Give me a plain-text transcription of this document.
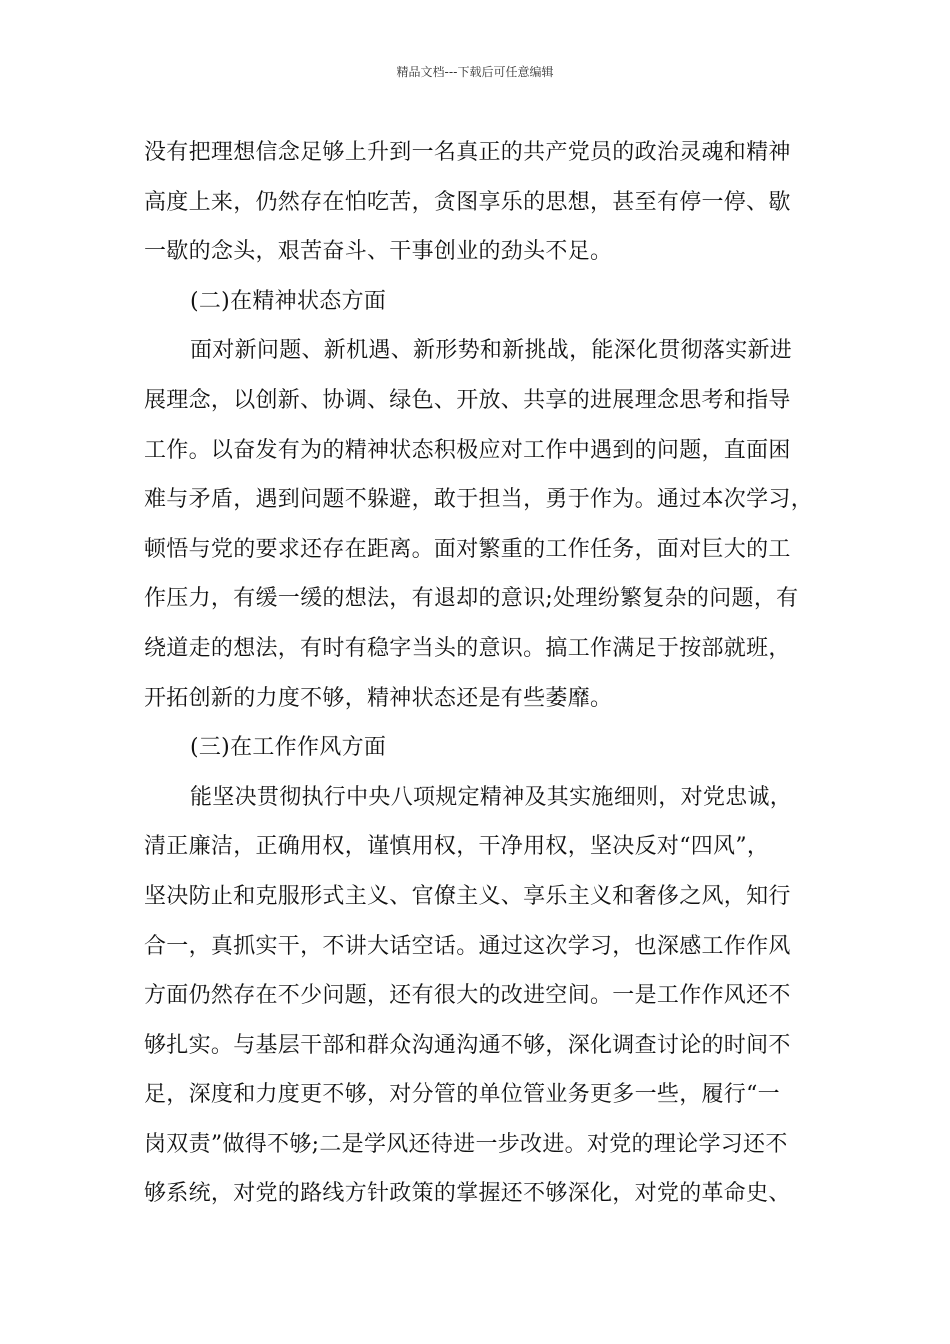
精品文档---下载后可任意编辑
没有把理想信念足够上升到一名真正的共产党员的政治灵魂和精神
高度上来，仍然存在怕吃苦，贪图享乐的思想，甚至有停一停、歇
一歇的念头，艰苦奋斗、干事创业的劲头不足。
(二)在精神状态方面
面对新问题、新机遇、新形势和新挑战，能深化贯彻落实新进
展理念，以创新、协调、绿色、开放、共享的进展理念思考和指导
工作。以奋发有为的精神状态积极应对工作中遇到的问题，直面困
难与矛盾，遇到问题不躲避，敢于担当，勇于作为。通过本次学习，
顿悟与党的要求还存在距离。面对繁重的工作任务，面对巨大的工
作压力，有缓一缓的想法，有退却的意识;处理纷繁复杂的问题，有
绕道走的想法，有时有稳字当头的意识。搞工作满足于按部就班，
开拓创新的力度不够，精神状态还是有些萎靡。
(三)在工作作风方面
能坚决贯彻执行中央八项规定精神及其实施细则，对党忠诚，
清正廉洁，正确用权，谨慎用权，干净用权，坚决反对“四风”，
坚决防止和克服形式主义、官僚主义、享乐主义和奢侈之风，知行
合一，真抓实干，不讲大话空话。通过这次学习，也深感工作作风
方面仍然存在不少问题，还有很大的改进空间。一是工作作风还不
够扎实。与基层干部和群众沟通沟通不够，深化调查讨论的时间不
足，深度和力度更不够，对分管的单位管业务更多一些，履行“一
岗双责”做得不够;二是学风还待进一步改进。对党的理论学习还不
够系统，对党的路线方针政策的掌握还不够深化，对党的革命史、
